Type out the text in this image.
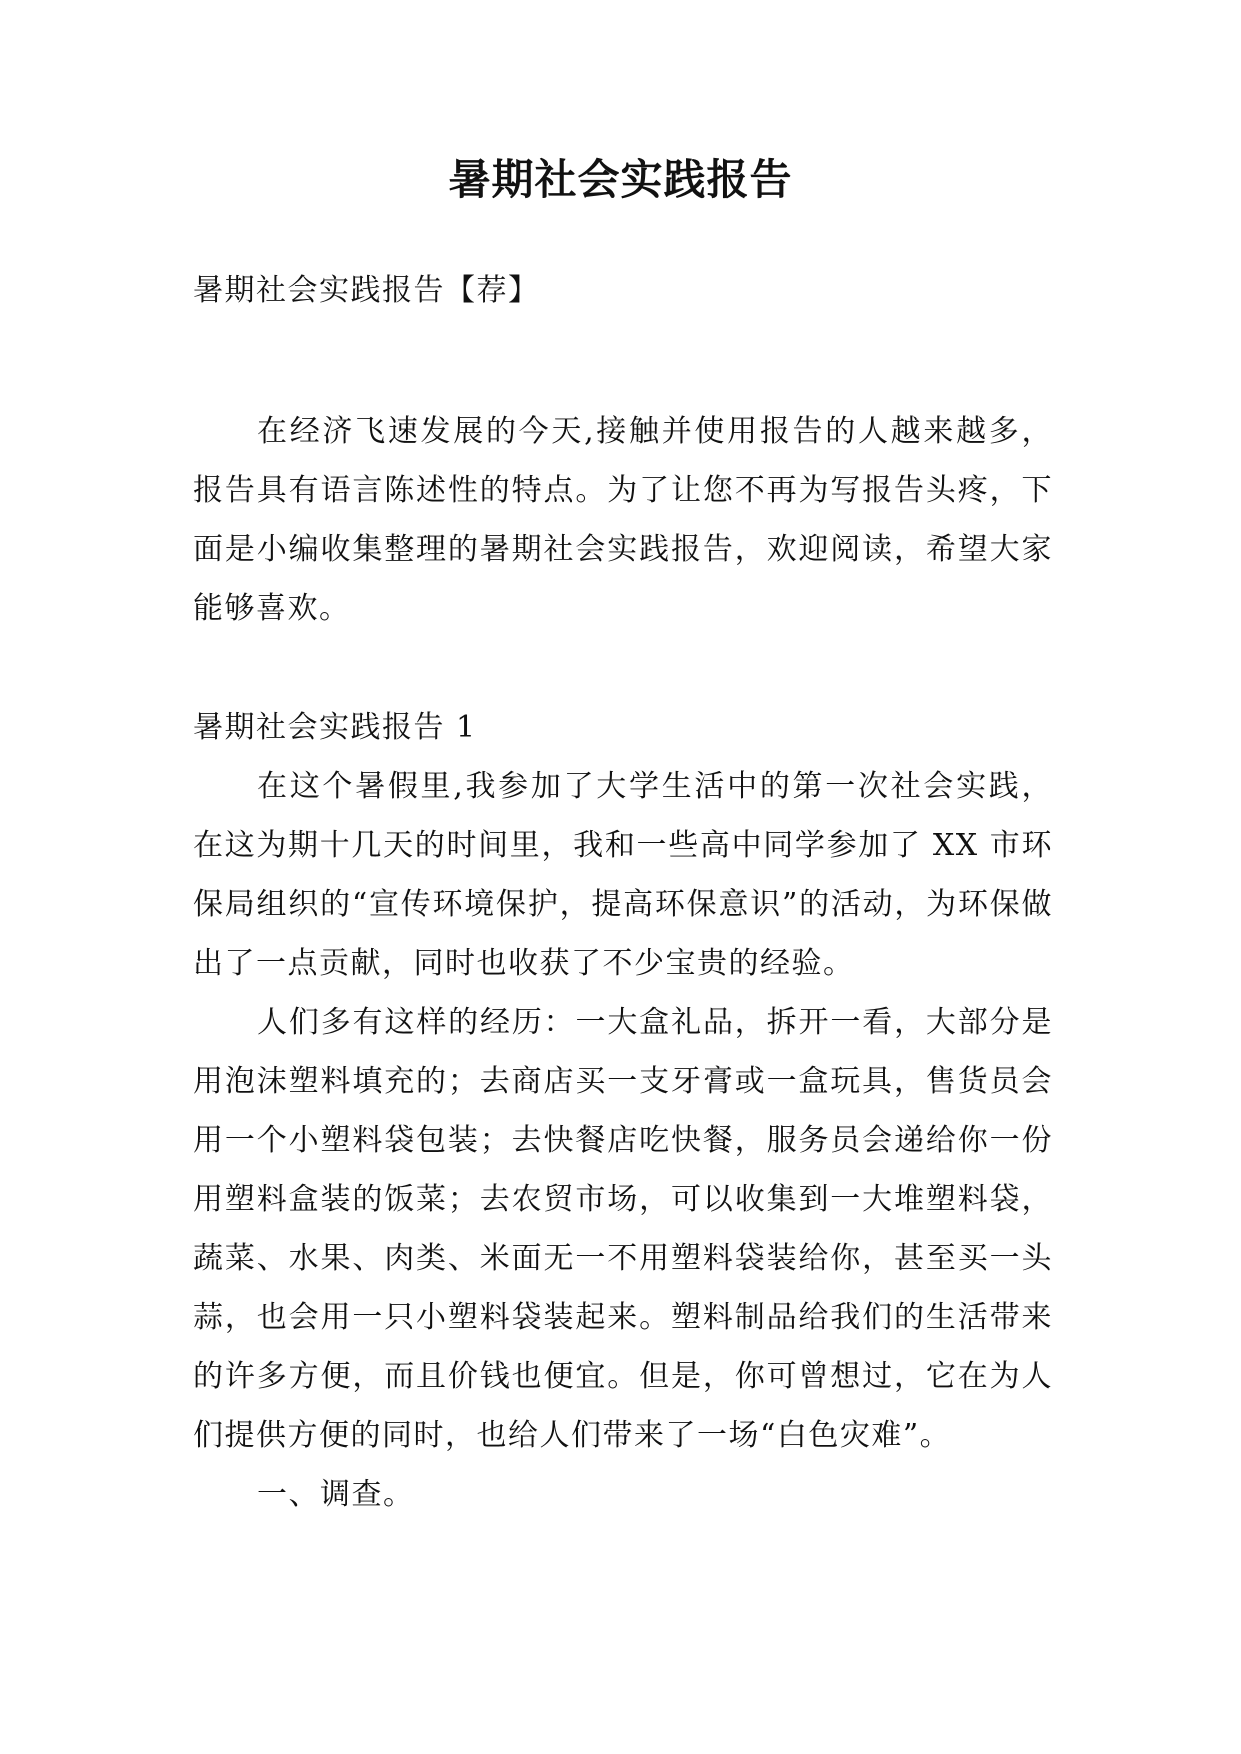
暑期社会实践报告
暑期社会实践报告【荐】

在经济飞速发展的今天,接触并使用报告的人越来越多，报告具有语言陈述性的特点。为了让您不再为写报告头疼，下面是小编收集整理的暑期社会实践报告，欢迎阅读，希望大家能够喜欢。

暑期社会实践报告 1

在这个暑假里,我参加了大学生活中的第一次社会实践，在这为期十几天的时间里，我和一些高中同学参加了 XX 市环保局组织的“宣传环境保护，提高环保意识”的活动，为环保做出了一点贡献，同时也收获了不少宝贵的经验。

人们多有这样的经历：一大盒礼品，拆开一看，大部分是用泡沫塑料填充的；去商店买一支牙膏或一盒玩具，售货员会用一个小塑料袋包装；去快餐店吃快餐，服务员会递给你一份用塑料盒装的饭菜；去农贸市场，可以收集到一大堆塑料袋，蔬菜、水果、肉类、米面无一不用塑料袋装给你，甚至买一头蒜，也会用一只小塑料袋装起来。塑料制品给我们的生活带来的许多方便，而且价钱也便宜。但是，你可曾想过，它在为人们提供方便的同时，也给人们带来了一场“白色灾难”。

一、调查。
